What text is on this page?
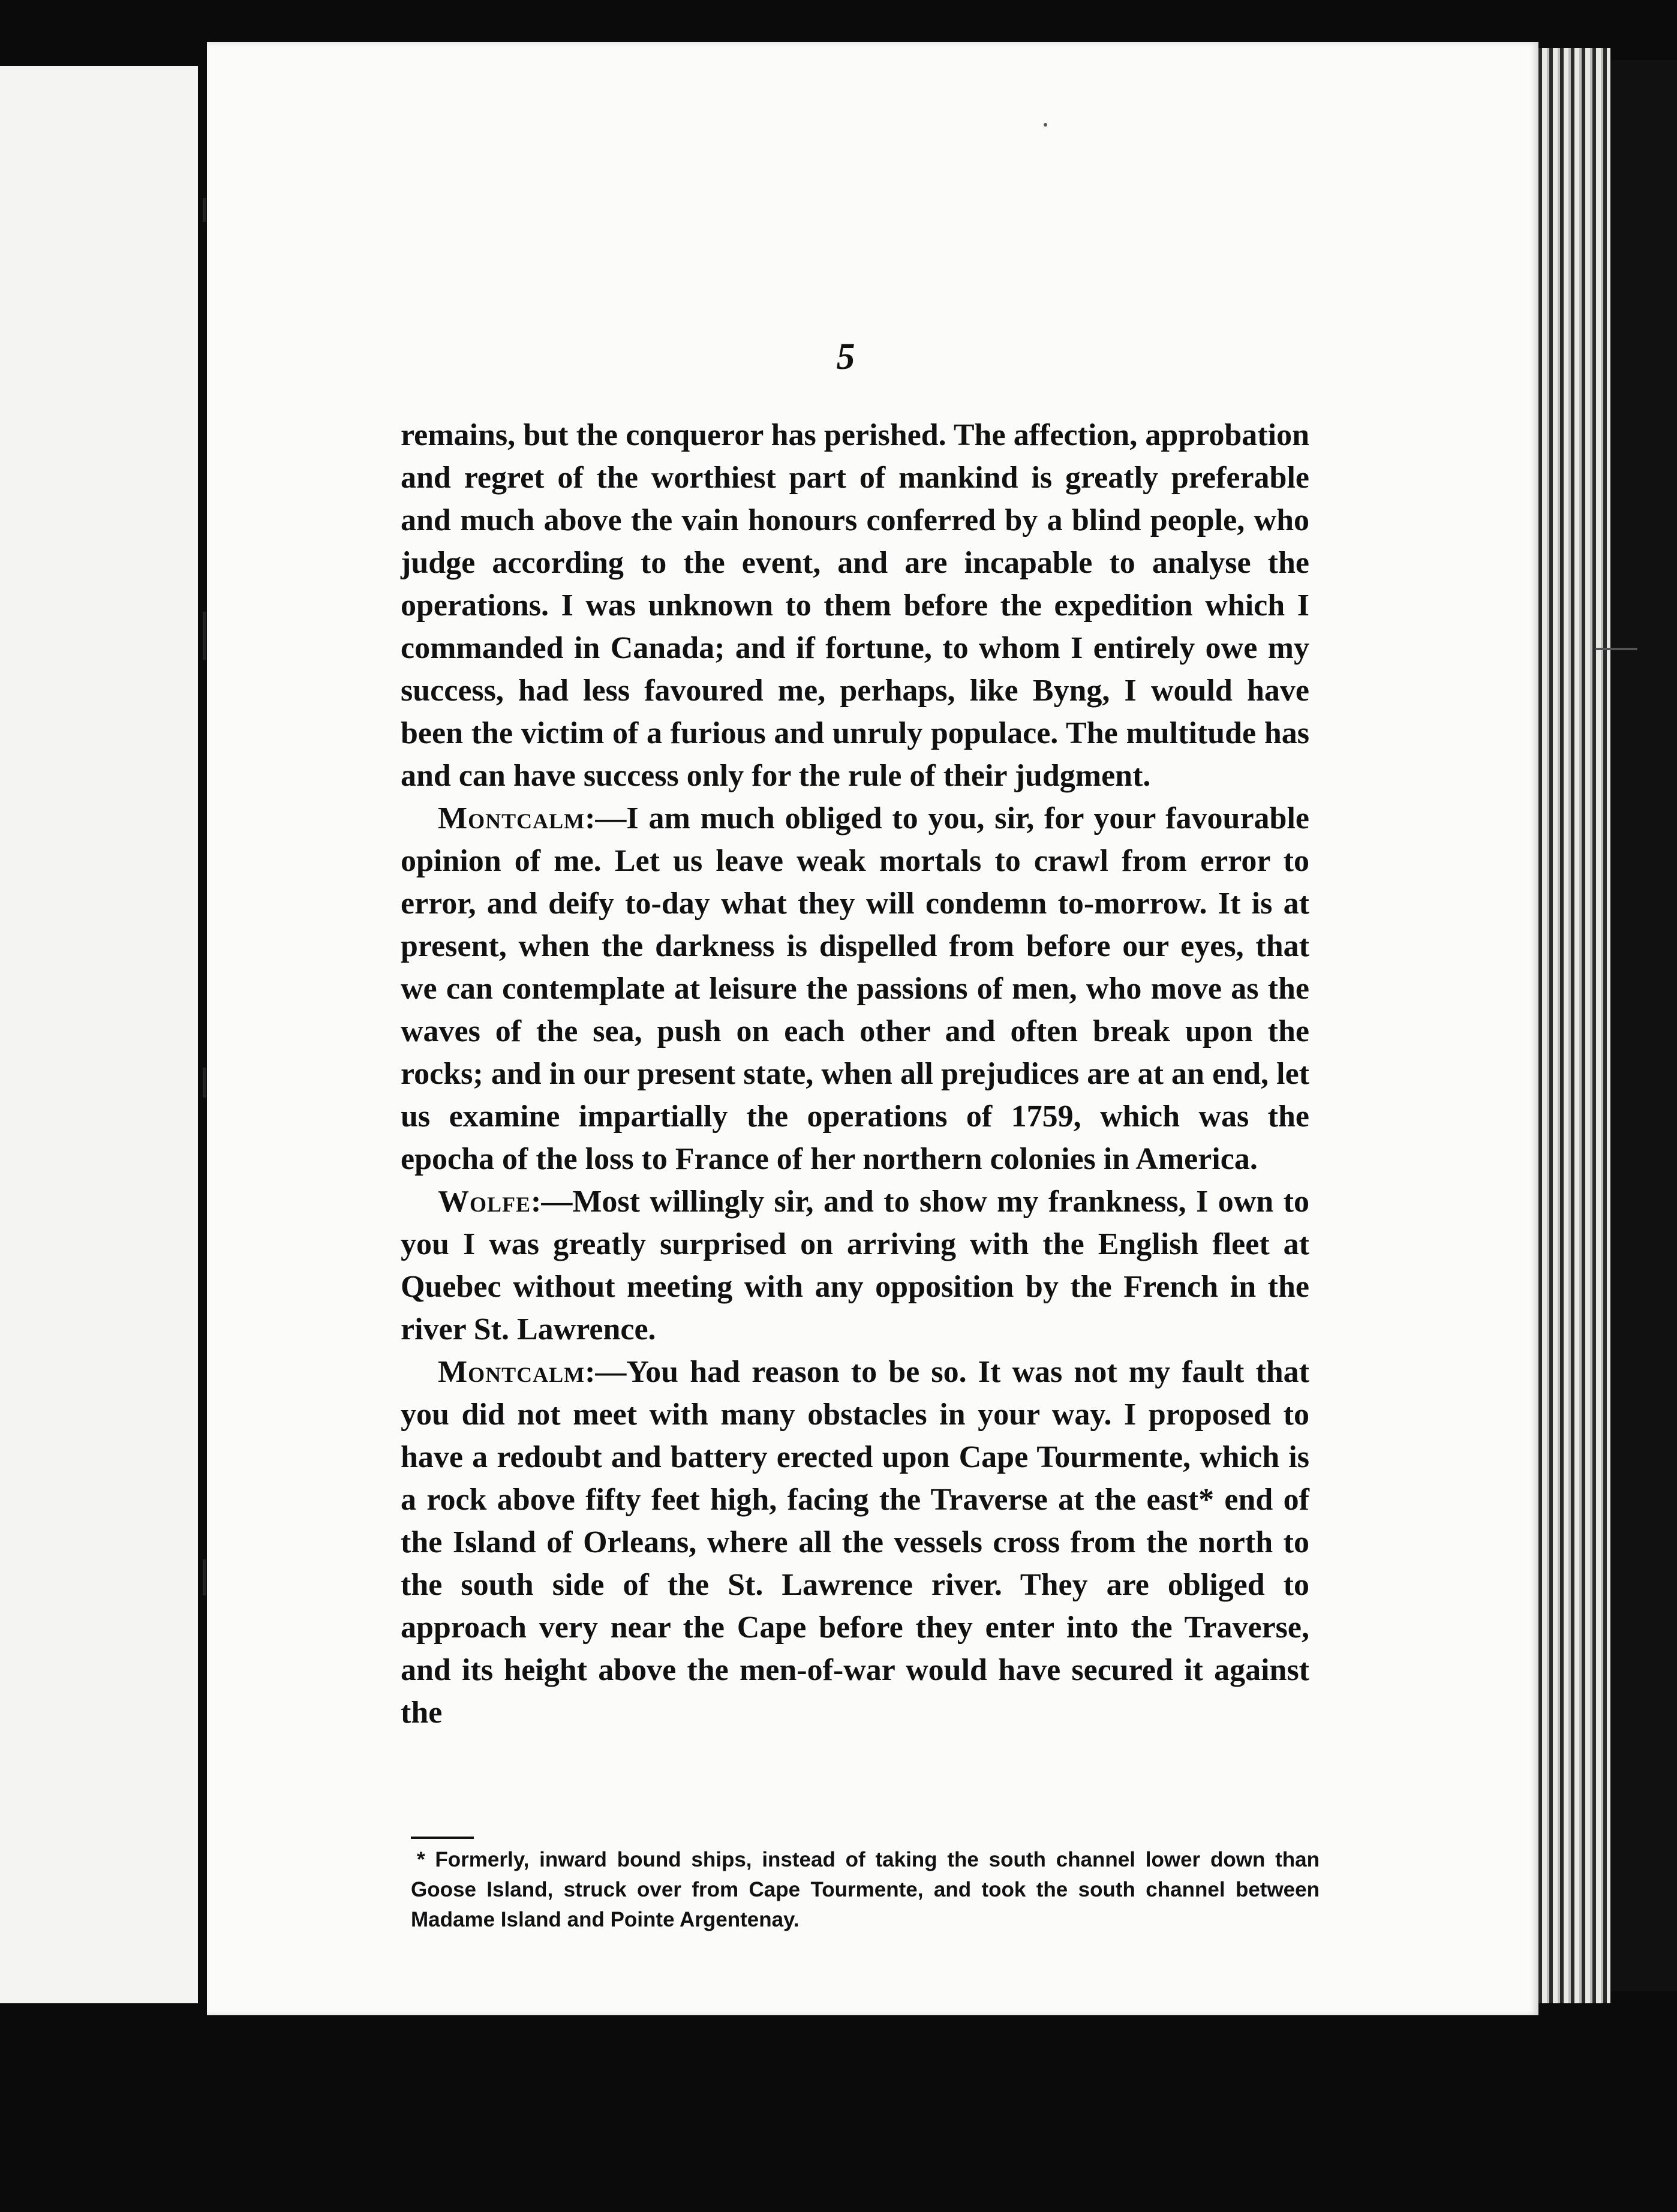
5

remains, but the conqueror has perished. The affection, approbation and regret of the worthiest part of mankind is greatly preferable and much above the vain honours conferred by a blind people, who judge according to the event, and are incapable to analyse the operations. I was unknown to them before the expedition which I commanded in Canada; and if fortune, to whom I entirely owe my success, had less favoured me, perhaps, like Byng, I would have been the victim of a furious and unruly populace. The multitude has and can have success only for the rule of their judgment.

Montcalm:—I am much obliged to you, sir, for your favourable opinion of me. Let us leave weak mortals to crawl from error to error, and deify to-day what they will condemn to-morrow. It is at present, when the darkness is dispelled from before our eyes, that we can contemplate at leisure the passions of men, who move as the waves of the sea, push on each other and often break upon the rocks; and in our present state, when all prejudices are at an end, let us examine impartially the operations of 1759, which was the epocha of the loss to France of her northern colonies in America.

Wolfe:—Most willingly sir, and to show my frankness, I own to you I was greatly surprised on arriving with the English fleet at Quebec without meeting with any opposition by the French in the river St. Lawrence.

Montcalm:—You had reason to be so. It was not my fault that you did not meet with many obstacles in your way. I proposed to have a redoubt and battery erected upon Cape Tourmente, which is a rock above fifty feet high, facing the Traverse at the east* end of the Island of Orleans, where all the vessels cross from the north to the south side of the St. Lawrence river. They are obliged to approach very near the Cape before they enter into the Traverse, and its height above the men-of-war would have secured it against the

* Formerly, inward bound ships, instead of taking the south channel lower down than Goose Island, struck over from Cape Tourmente, and took the south channel between Madame Island and Pointe Argentenay.
